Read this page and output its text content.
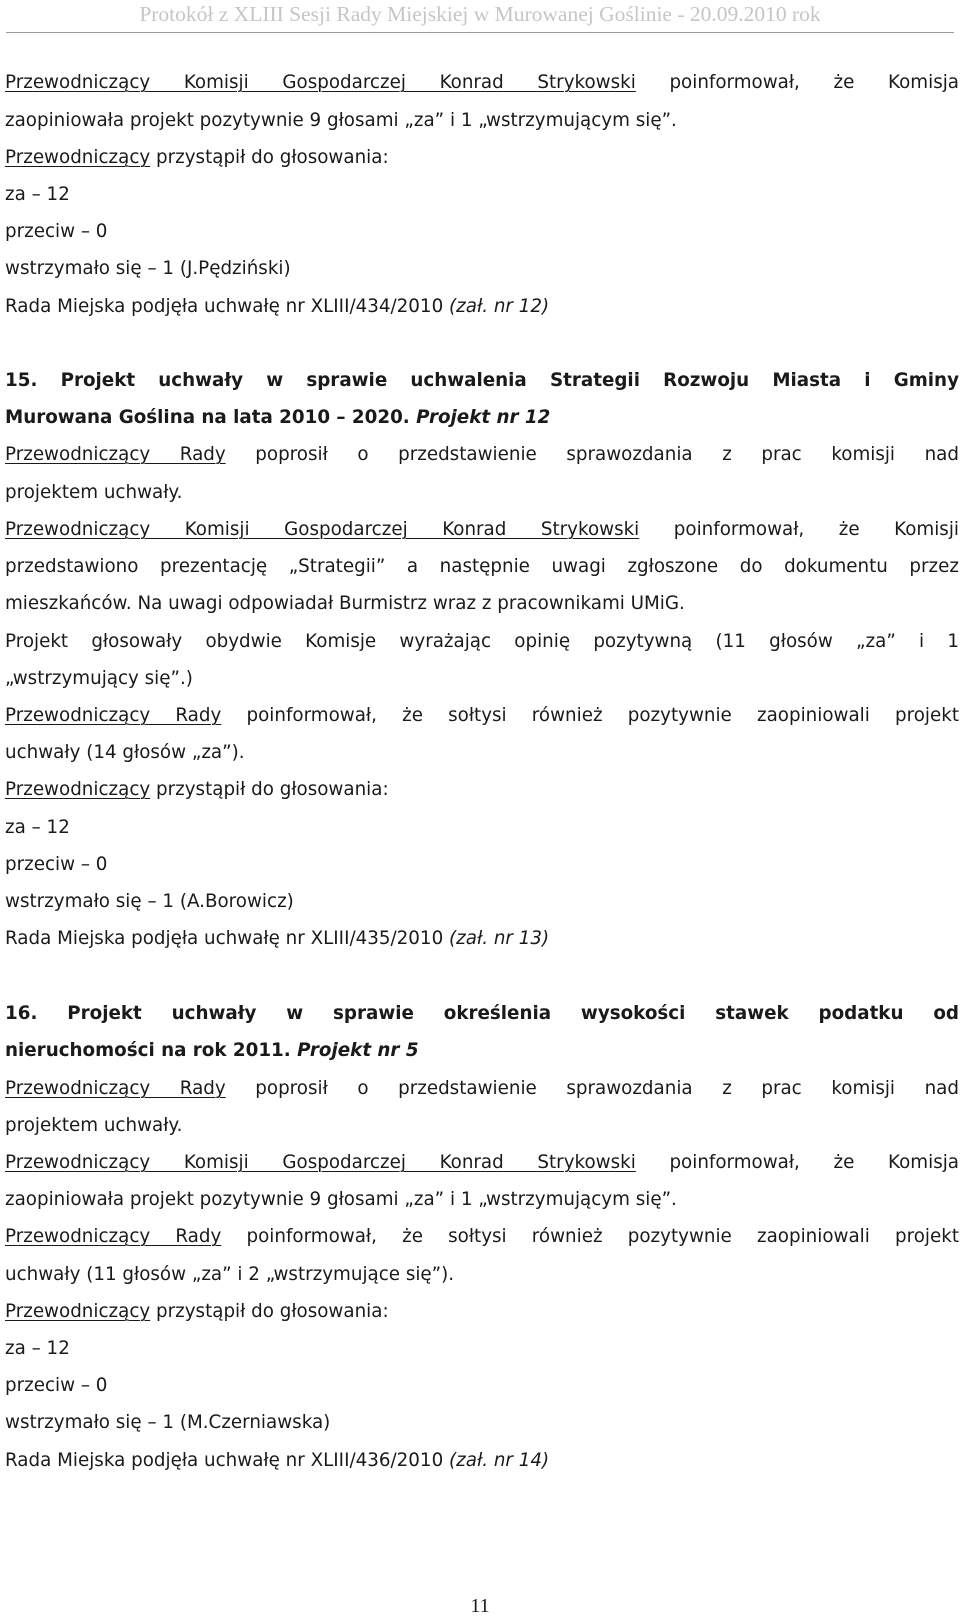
Protokół z XLIII Sesji Rady Miejskiej w Murowanej Goślinie - 20.09.2010 rok
Przewodniczący Komisji Gospodarczej Konrad Strykowski poinformował, że Komisja
zaopiniowała projekt pozytywnie 9 głosami „za” i 1 „wstrzymującym się”.
Przewodniczący przystąpił do głosowania:
za – 12
przeciw – 0
wstrzymało się – 1 (J.Pędziński)
Rada Miejska podjęła uchwałę nr XLIII/434/2010 (zał. nr 12)
15. Projekt uchwały w sprawie uchwalenia Strategii Rozwoju Miasta i Gminy
Murowana Goślina na lata 2010 – 2020. Projekt nr 12
Przewodniczący Rady poprosił o przedstawienie sprawozdania z prac komisji nad
projektem uchwały.
Przewodniczący Komisji Gospodarczej Konrad Strykowski poinformował, że Komisji
przedstawiono prezentację „Strategii” a następnie uwagi zgłoszone do dokumentu przez
mieszkańców. Na uwagi odpowiadał Burmistrz wraz z pracownikami UMiG.
Projekt głosowały obydwie Komisje wyrażając opinię pozytywną (11 głosów „za” i 1
„wstrzymujący się”.)
Przewodniczący Rady poinformował, że sołtysi również pozytywnie zaopiniowali projekt
uchwały (14 głosów „za”).
Przewodniczący przystąpił do głosowania:
za – 12
przeciw – 0
wstrzymało się – 1 (A.Borowicz)
Rada Miejska podjęła uchwałę nr XLIII/435/2010 (zał. nr 13)
16. Projekt uchwały w sprawie określenia wysokości stawek podatku od
nieruchomości na rok 2011. Projekt nr 5
Przewodniczący Rady poprosił o przedstawienie sprawozdania z prac komisji nad
projektem uchwały.
Przewodniczący Komisji Gospodarczej Konrad Strykowski poinformował, że Komisja
zaopiniowała projekt pozytywnie 9 głosami „za” i 1 „wstrzymującym się”.
Przewodniczący Rady poinformował, że sołtysi również pozytywnie zaopiniowali projekt
uchwały (11 głosów „za” i 2 „wstrzymujące się”).
Przewodniczący przystąpił do głosowania:
za – 12
przeciw – 0
wstrzymało się – 1 (M.Czerniawska)
Rada Miejska podjęła uchwałę nr XLIII/436/2010 (zał. nr 14)
11
